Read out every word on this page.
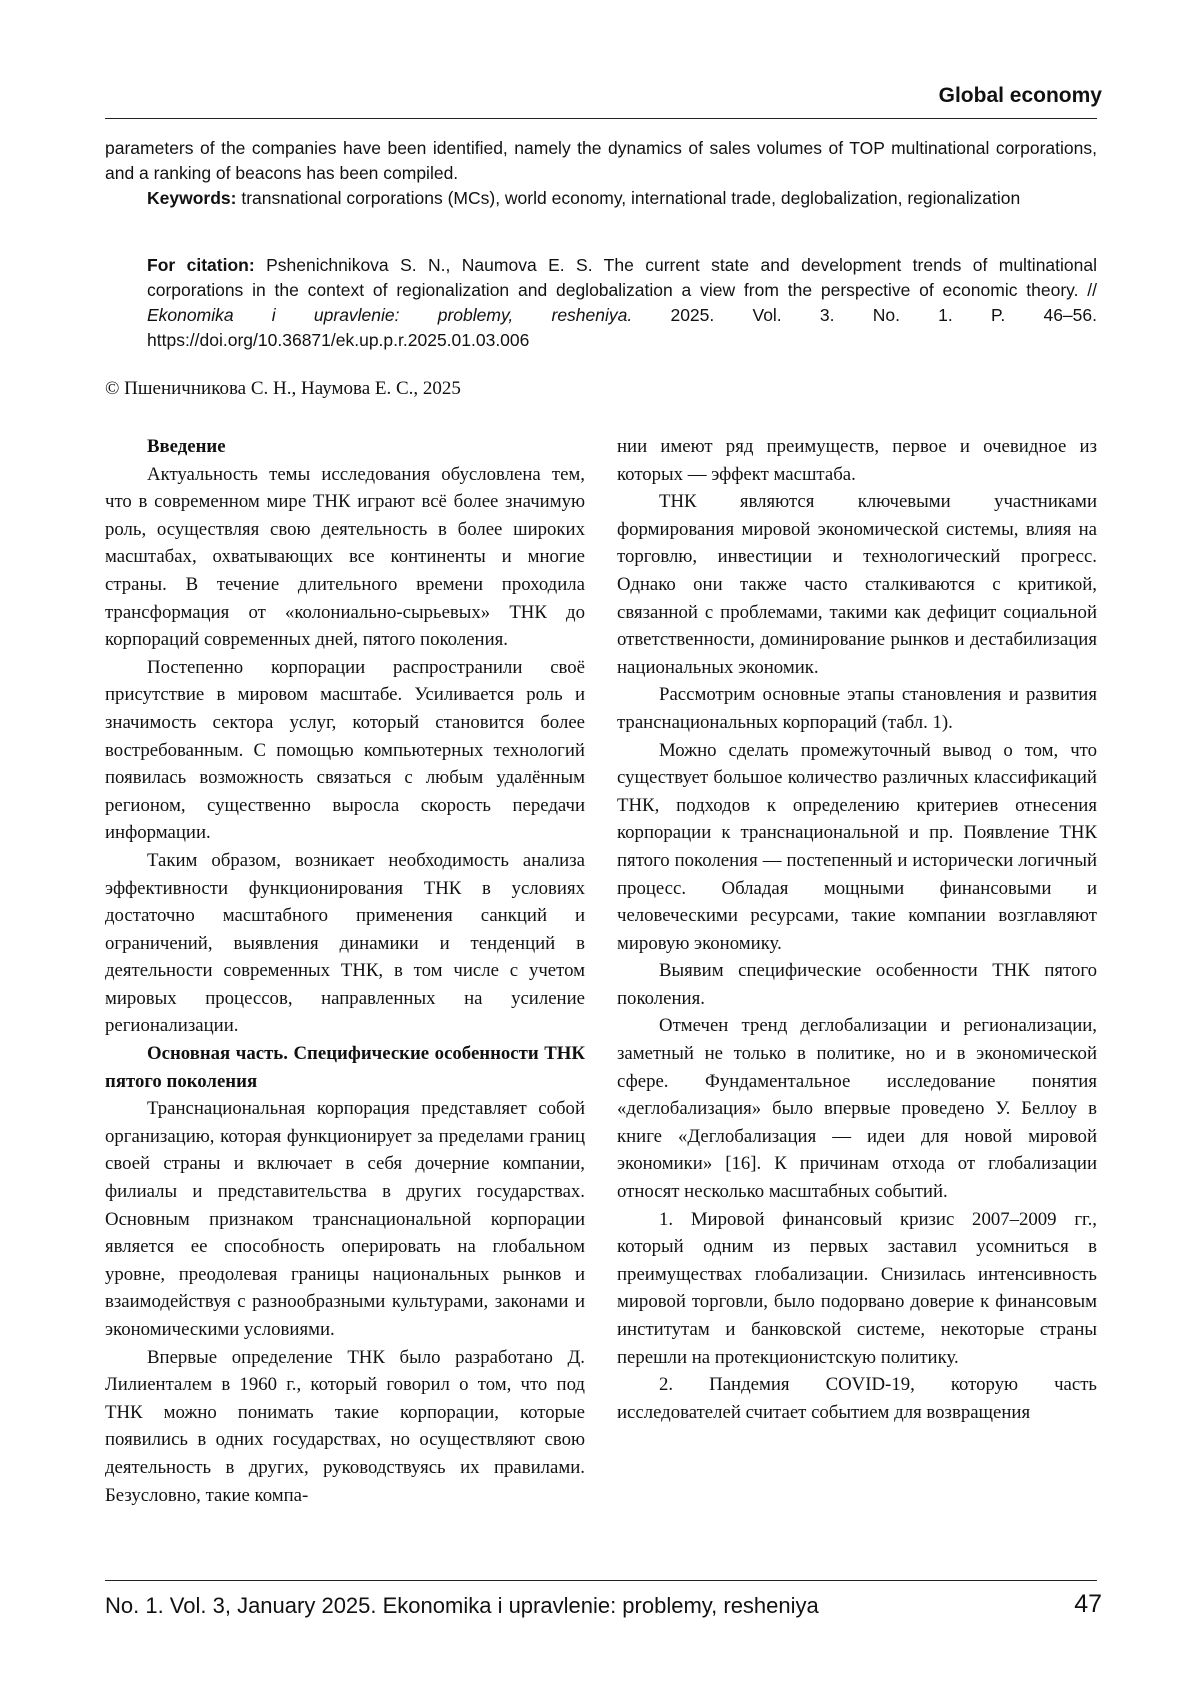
Global economy

parameters of the companies have been identified, namely the dynamics of sales volumes of TOP multinational corporations, and a ranking of beacons has been compiled.

Keywords: transnational corporations (MCs), world economy, international trade, deglobalization, regionalization

For citation: Pshenichnikova S. N., Naumova E. S. The current state and development trends of multinational corporations in the context of regionalization and deglobalization a view from the perspective of economic theory. // Ekonomika i upravlenie: problemy, resheniya. 2025. Vol. 3. No. 1. P. 46–56. https://doi.org/10.36871/ek.up.p.r.2025.01.03.006

© Пшеничникова С. Н., Наумова Е. С., 2025
Введение

Актуальность темы исследования обусловлена тем, что в современном мире ТНК играют всё более значимую роль, осуществляя свою деятельность в более широких масштабах, охватывающих все континенты и многие страны. В течение длительного времени проходила трансформация от «колониально-сырьевых» ТНК до корпораций современных дней, пятого поколения.

Постепенно корпорации распространили своё присутствие в мировом масштабе. Усиливается роль и значимость сектора услуг, который становится более востребованным. С помощью компьютерных технологий появилась возможность связаться с любым удалённым регионом, существенно выросла скорость передачи информации.

Таким образом, возникает необходимость анализа эффективности функционирования ТНК в условиях достаточно масштабного применения санкций и ограничений, выявления динамики и тенденций в деятельности современных ТНК, в том числе с учетом мировых процессов, направленных на усиление регионализации.

Основная часть. Специфические особенности ТНК пятого поколения

Транснациональная корпорация представляет собой организацию, которая функционирует за пределами границ своей страны и включает в себя дочерние компании, филиалы и представительства в других государствах. Основным признаком транснациональной корпорации является ее способность оперировать на глобальном уровне, преодолевая границы национальных рынков и взаимодействуя с разнообразными культурами, законами и экономическими условиями.

Впервые определение ТНК было разработано Д. Лилиенталем в 1960 г., который говорил о том, что под ТНК можно понимать такие корпорации, которые появились в одних государствах, но осуществляют свою деятельность в других, руководствуясь их правилами. Безусловно, такие компа-

нии имеют ряд преимуществ, первое и очевидное из которых — эффект масштаба.

ТНК являются ключевыми участниками формирования мировой экономической системы, влияя на торговлю, инвестиции и технологический прогресс. Однако они также часто сталкиваются с критикой, связанной с проблемами, такими как дефицит социальной ответственности, доминирование рынков и дестабилизация национальных экономик.

Рассмотрим основные этапы становления и развития транснациональных корпораций (табл. 1).

Можно сделать промежуточный вывод о том, что существует большое количество различных классификаций ТНК, подходов к определению критериев отнесения корпорации к транснациональной и пр. Появление ТНК пятого поколения — постепенный и исторически логичный процесс. Обладая мощными финансовыми и человеческими ресурсами, такие компании возглавляют мировую экономику.

Выявим специфические особенности ТНК пятого поколения.

Отмечен тренд деглобализации и регионализации, заметный не только в политике, но и в экономической сфере. Фундаментальное исследование понятия «деглобализация» было впервые проведено У. Беллоу в книге «Деглобализация — идеи для новой мировой экономики» [16]. К причинам отхода от глобализации относят несколько масштабных событий.

1. Мировой финансовый кризис 2007–2009 гг., который одним из первых заставил усомниться в преимуществах глобализации. Снизилась интенсивность мировой торговли, было подорвано доверие к финансовым институтам и банковской системе, некоторые страны перешли на протекционистскую политику.

2. Пандемия COVID-19, которую часть исследователей считает событием для возвращения

No. 1. Vol. 3, January 2025. Ekonomika i upravlenie: problemy, resheniya	47
